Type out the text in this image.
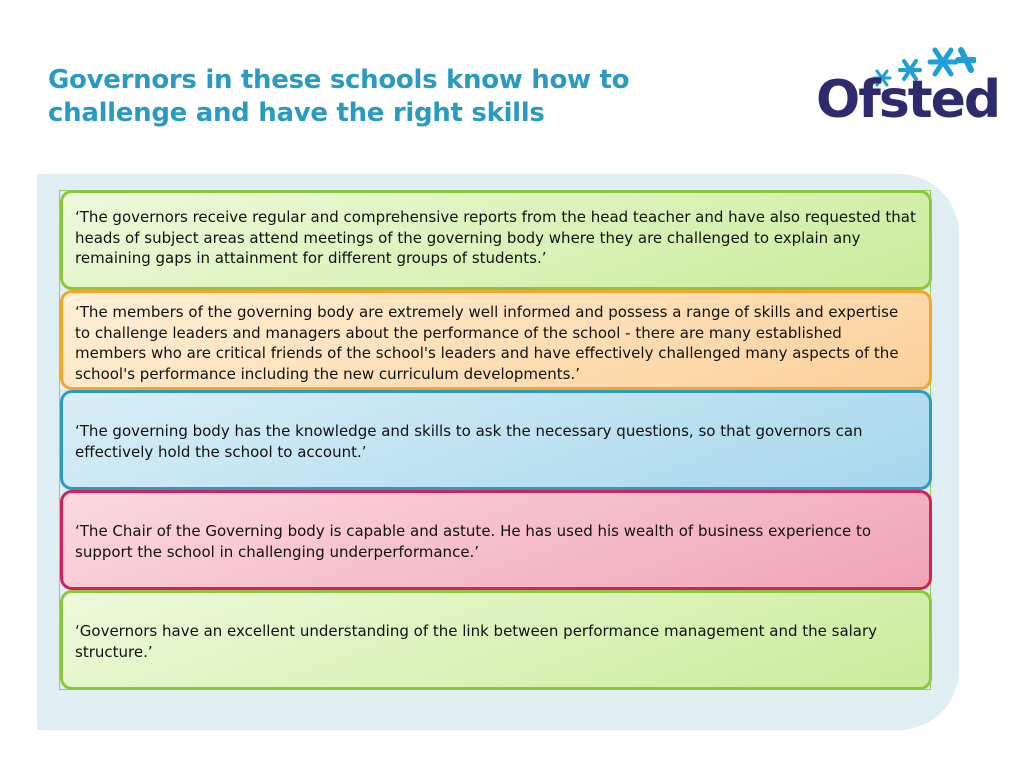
Governors in these schools know how to
challenge and have the right skills	Ofsted

‘The governors receive regular and comprehensive reports from the head teacher and have also requested that heads of subject areas attend meetings of the governing body where they are challenged to explain any remaining gaps in attainment for different groups of students.’

‘The members of the governing body are extremely well informed and possess a range of skills and expertise to challenge leaders and managers about the performance of the school - there are many established members who are critical friends of the school's leaders and have effectively challenged many aspects of the school's performance including the new curriculum developments.’

‘The governing body has the knowledge and skills to ask the necessary questions, so that governors can effectively hold the school to account.’

‘The Chair of the Governing body is capable and astute. He has used his wealth of business experience to support the school in challenging underperformance.’

‘Governors have an excellent understanding of the link between performance management and the salary structure.’
